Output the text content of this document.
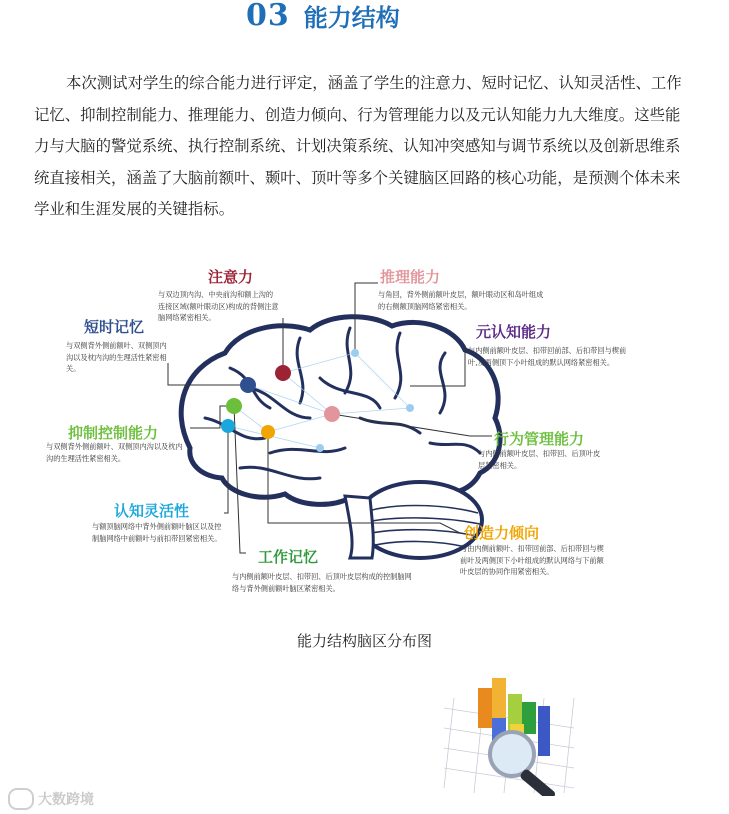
03 能力结构

本次测试对学生的综合能力进行评定，涵盖了学生的注意力、短时记忆、认知灵活性、工作记忆、抑制控制能力、推理能力、创造力倾向、行为管理能力以及元认知能力九大维度。这些能力与大脑的警觉系统、执行控制系统、计划决策系统、认知冲突感知与调节系统以及创新思维系统直接相关，涵盖了大脑前额叶、颞叶、顶叶等多个关键脑区回路的核心功能，是预测个体未来学业和生涯发展的关键指标。

注意力

与双边顶内沟、中央前沟和额上沟的连接区域(额叶眼动区)构成的背侧注意脑网络紧密相关。

推理能力

与角回，背外侧前额叶皮层，额叶眼动区和岛叶组成的右侧额顶脑网络紧密相关。

短时记忆

与双侧背外侧前额叶、双侧顶内沟以及枕内沟的生理活性紧密相关。

元认知能力

与内侧前额叶皮层、扣带回前部、后扣带回与楔前叶,及两侧顶下小叶组成的默认网络紧密相关。

抑制控制能力

与双侧背外侧前额叶、双侧顶内沟以及枕内沟的生理活性紧密相关。

行为管理能力

与内侧前额叶皮层、扣带回、后顶叶皮层紧密相关。

认知灵活性

与额顶脑网络中背外侧前额叶脑区以及控制脑网络中前额叶与前扣带回紧密相关。	创造力倾向

与由内侧前额叶、扣带回前部、后扣带回与楔前叶及两侧顶下小叶组成的默认网络与下前额叶皮层的协同作用紧密相关。

工作记忆

与内侧前额叶皮层、扣带回、后顶叶皮层构成的控制脑网络与背外侧前额叶脑区紧密相关。

能力结构脑区分布图
大数跨境
